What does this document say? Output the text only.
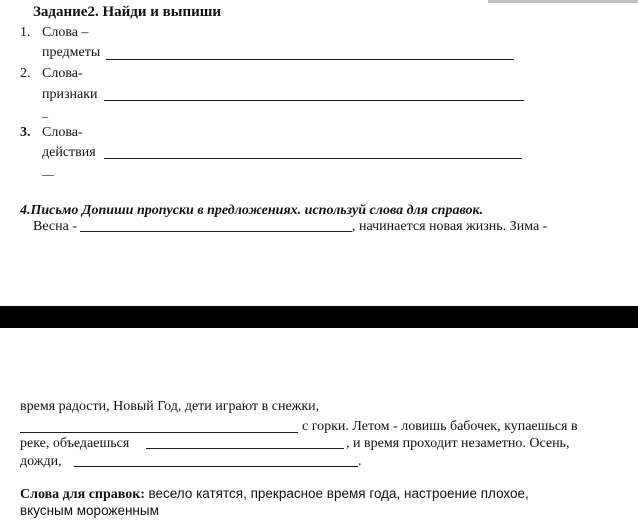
Задание2. Найди и выпиши
1. Слова –
предметы
2. Слова-
признаки
_
3. Слова-
действия
__
4.Письмо Допиши пропуски в предложениях. используй слова для справок.
Весна -	, начинается новая жизнь. Зима -
время радости, Новый Год, дети играют в снежки,
с горки. Летом - ловишь бабочек, купаешься в
реке, объедаешься	, и время проходит незаметно. Осень,
дожди,	.
Слова для справок: весело катятся, прекрасное время года, настроение плохое,
вкусным мороженным
